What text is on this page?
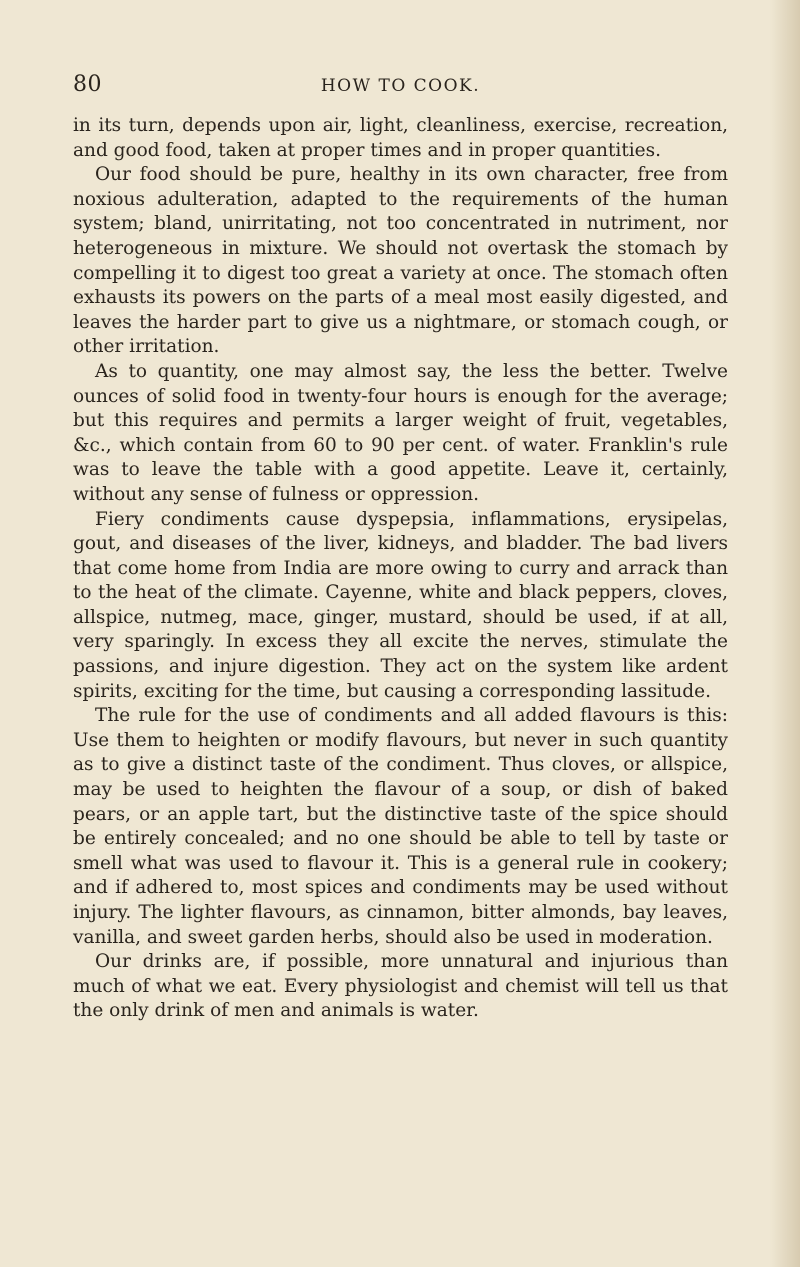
80	HOW TO COOK.

in its turn, depends upon air, light, cleanliness, exercise, recreation, and good food, taken at proper times and in proper quantities.

Our food should be pure, healthy in its own character, free from noxious adulteration, adapted to the requirements of the human system; bland, unirritating, not too concentrated in nutriment, nor heterogeneous in mixture. We should not overtask the stomach by compelling it to digest too great a variety at once. The stomach often exhausts its powers on the parts of a meal most easily digested, and leaves the harder part to give us a nightmare, or stomach cough, or other irritation.

As to quantity, one may almost say, the less the better. Twelve ounces of solid food in twenty-four hours is enough for the average; but this requires and permits a larger weight of fruit, vegetables, &c., which contain from 60 to 90 per cent. of water. Franklin's rule was to leave the table with a good appetite. Leave it, certainly, without any sense of fulness or oppression.

Fiery condiments cause dyspepsia, inflammations, erysipelas, gout, and diseases of the liver, kidneys, and bladder. The bad livers that come home from India are more owing to curry and arrack than to the heat of the climate. Cayenne, white and black peppers, cloves, allspice, nutmeg, mace, ginger, mustard, should be used, if at all, very sparingly. In excess they all excite the nerves, stimulate the passions, and injure digestion. They act on the system like ardent spirits, exciting for the time, but causing a corresponding lassitude.

The rule for the use of condiments and all added flavours is this: Use them to heighten or modify flavours, but never in such quantity as to give a distinct taste of the condiment. Thus cloves, or allspice, may be used to heighten the flavour of a soup, or dish of baked pears, or an apple tart, but the distinctive taste of the spice should be entirely concealed; and no one should be able to tell by taste or smell what was used to flavour it. This is a general rule in cookery; and if adhered to, most spices and condiments may be used without injury. The lighter flavours, as cinnamon, bitter almonds, bay leaves, vanilla, and sweet garden herbs, should also be used in moderation.

Our drinks are, if possible, more unnatural and injurious than much of what we eat. Every physiologist and chemist will tell us that the only drink of men and animals is water.
